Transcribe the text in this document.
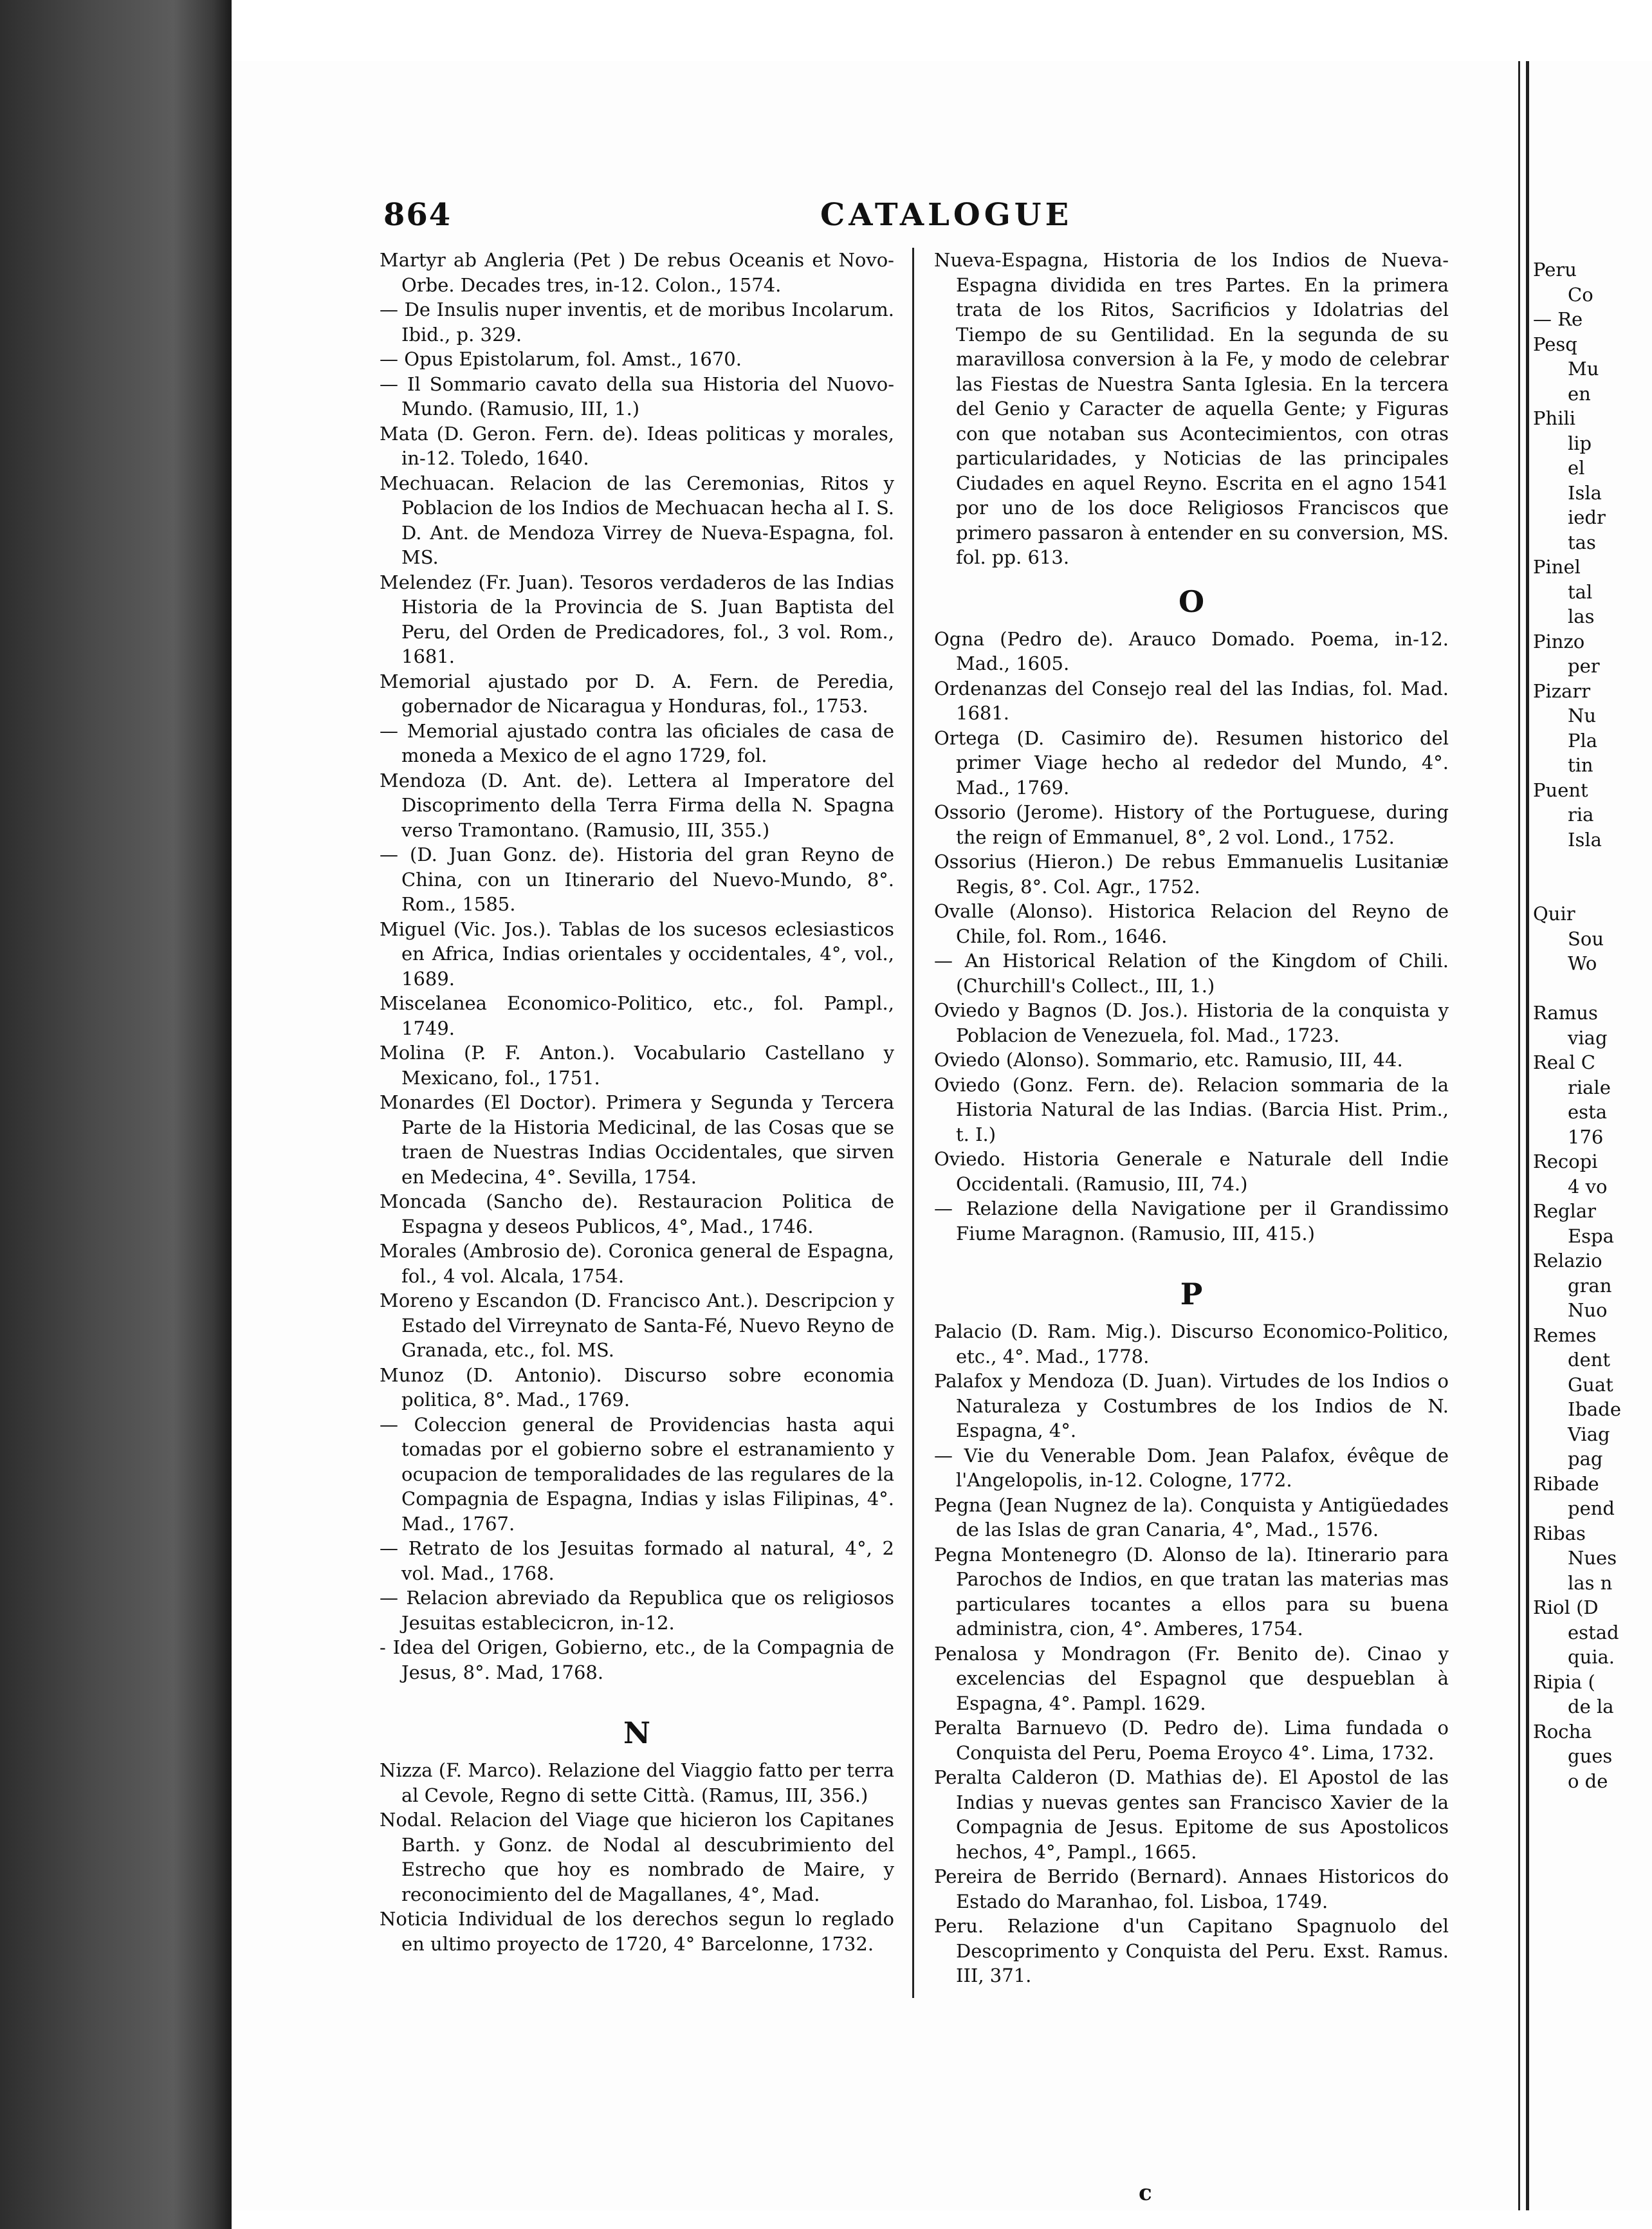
864	CATALOGUE

Martyr ab Angleria (Pet ) De rebus Oceanis et Novo-Orbe. Decades tres, in-12. Colon., 1574.

— De Insulis nuper inventis, et de moribus Incolarum. Ibid., p. 329.

— Opus Epistolarum, fol. Amst., 1670.

— Il Sommario cavato della sua Historia del Nuovo-Mundo. (Ramusio, III, 1.)

Mata (D. Geron. Fern. de). Ideas politicas y morales, in-12. Toledo, 1640.

Mechuacan. Relacion de las Ceremonias, Ritos y Poblacion de los Indios de Mechuacan hecha al I. S. D. Ant. de Mendoza Virrey de Nueva-Espagna, fol. MS.

Melendez (Fr. Juan). Tesoros verdaderos de las Indias Historia de la Provincia de S. Juan Baptista del Peru, del Orden de Predicadores, fol., 3 vol. Rom., 1681.

Memorial ajustado por D. A. Fern. de Peredia, gobernador de Nicaragua y Honduras, fol., 1753.

— Memorial ajustado contra las oficiales de casa de moneda a Mexico de el agno 1729, fol.

Mendoza (D. Ant. de). Lettera al Imperatore del Discoprimento della Terra Firma della N. Spagna verso Tramontano. (Ramusio, III, 355.)

— (D. Juan Gonz. de). Historia del gran Reyno de China, con un Itinerario del Nuevo-Mundo, 8°. Rom., 1585.

Miguel (Vic. Jos.). Tablas de los sucesos eclesiasticos en Africa, Indias orientales y occidentales, 4°, vol., 1689.

Miscelanea Economico-Politico, etc., fol. Pampl., 1749.

Molina (P. F. Anton.). Vocabulario Castellano y Mexicano, fol., 1751.

Monardes (El Doctor). Primera y Segunda y Tercera Parte de la Historia Medicinal, de las Cosas que se traen de Nuestras Indias Occidentales, que sirven en Medecina, 4°. Sevilla, 1754.

Moncada (Sancho de). Restauracion Politica de Espagna y deseos Publicos, 4°, Mad., 1746.

Morales (Ambrosio de). Coronica general de Espagna, fol., 4 vol. Alcala, 1754.

Moreno y Escandon (D. Francisco Ant.). Descripcion y Estado del Virreynato de Santa-Fé, Nuevo Reyno de Granada, etc., fol. MS.

Munoz (D. Antonio). Discurso sobre economia politica, 8°. Mad., 1769.

— Coleccion general de Providencias hasta aqui tomadas por el gobierno sobre el estranamiento y ocupacion de temporalidades de las regulares de la Compagnia de Espagna, Indias y islas Filipinas, 4°. Mad., 1767.

— Retrato de los Jesuitas formado al natural, 4°, 2 vol. Mad., 1768.

— Relacion abreviado da Republica que os religiosos Jesuitas establecicron, in-12.

- Idea del Origen, Gobierno, etc., de la Compagnia de Jesus, 8°. Mad, 1768.

N

Nizza (F. Marco). Relazione del Viaggio fatto per terra al Cevole, Regno di sette Città. (Ramus, III, 356.)

Nodal. Relacion del Viage que hicieron los Capitanes Barth. y Gonz. de Nodal al descubrimiento del Estrecho que hoy es nombrado de Maire, y reconocimiento del de Magallanes, 4°, Mad.

Noticia Individual de los derechos segun lo reglado en ultimo proyecto de 1720, 4° Barcelonne, 1732.

Nueva-Espagna, Historia de los Indios de Nueva-Espagna dividida en tres Partes. En la primera trata de los Ritos, Sacrificios y Idolatrias del Tiempo de su Gentilidad. En la segunda de su maravillosa conversion à la Fe, y modo de celebrar las Fiestas de Nuestra Santa Iglesia. En la tercera del Genio y Caracter de aquella Gente; y Figuras con que notaban sus Acontecimientos, con otras particularidades, y Noticias de las principales Ciudades en aquel Reyno. Escrita en el agno 1541 por uno de los doce Religiosos Franciscos que primero passaron à entender en su conversion, MS. fol. pp. 613.

O

Ogna (Pedro de). Arauco Domado. Poema, in-12. Mad., 1605.

Ordenanzas del Consejo real del las Indias, fol. Mad. 1681.

Ortega (D. Casimiro de). Resumen historico del primer Viage hecho al rededor del Mundo, 4°. Mad., 1769.

Ossorio (Jerome). History of the Portuguese, during the reign of Emmanuel, 8°, 2 vol. Lond., 1752.

Ossorius (Hieron.) De rebus Emmanuelis Lusitaniæ Regis, 8°. Col. Agr., 1752.

Ovalle (Alonso). Historica Relacion del Reyno de Chile, fol. Rom., 1646.

— An Historical Relation of the Kingdom of Chili. (Churchill's Collect., III, 1.)

Oviedo y Bagnos (D. Jos.). Historia de la conquista y Poblacion de Venezuela, fol. Mad., 1723.

Oviedo (Alonso). Sommario, etc. Ramusio, III, 44.

Oviedo (Gonz. Fern. de). Relacion sommaria de la Historia Natural de las Indias. (Barcia Hist. Prim., t. I.)

Oviedo. Historia Generale e Naturale dell Indie Occidentali. (Ramusio, III, 74.)

— Relazione della Navigatione per il Grandissimo Fiume Maragnon. (Ramusio, III, 415.)

P

Palacio (D. Ram. Mig.). Discurso Economico-Politico, etc., 4°. Mad., 1778.

Palafox y Mendoza (D. Juan). Virtudes de los Indios o Naturaleza y Costumbres de los Indios de N. Espagna, 4°.

— Vie du Venerable Dom. Jean Palafox, évêque de l'Angelopolis, in-12. Cologne, 1772.

Pegna (Jean Nugnez de la). Conquista y Antigüedades de las Islas de gran Canaria, 4°, Mad., 1576.

Pegna Montenegro (D. Alonso de la). Itinerario para Parochos de Indios, en que tratan las materias mas particulares tocantes a ellos para su buena administra, cion, 4°. Amberes, 1754.

Penalosa y Mondragon (Fr. Benito de). Cinao y excelencias del Espagnol que despueblan à Espagna, 4°. Pampl. 1629.

Peralta Barnuevo (D. Pedro de). Lima fundada o Conquista del Peru, Poema Eroyco 4°. Lima, 1732.

Peralta Calderon (D. Mathias de). El Apostol de las Indias y nuevas gentes san Francisco Xavier de la Compagnia de Jesus. Epitome de sus Apostolicos hechos, 4°, Pampl., 1665.

Pereira de Berrido (Bernard). Annaes Historicos do Estado do Maranhao, fol. Lisboa, 1749.

Peru. Relazione d'un Capitano Spagnuolo del Descoprimento y Conquista del Peru. Exst. Ramus. III, 371.

Peru
Co
— Re
Pesq
Mu
en
Phili
lip
el
Isla
iedr
tas
Pinel
tal
las
Pinzo
per
Pizarr
Nu
Pla
tin
Puent
ria
Isla

Quir
Sou
Wo

Ramus
viag
Real C
riale
esta
176
Recopi
4 vo
Reglar
Espa
Relazio
gran
Nuo
Remes
dent
Guat
Ibade
Viag
pag
Ribade
pend
Ribas
Nues
las n
Riol (D
estad
quia.
Ripia (
de la
Rocha
gues
o de
c
